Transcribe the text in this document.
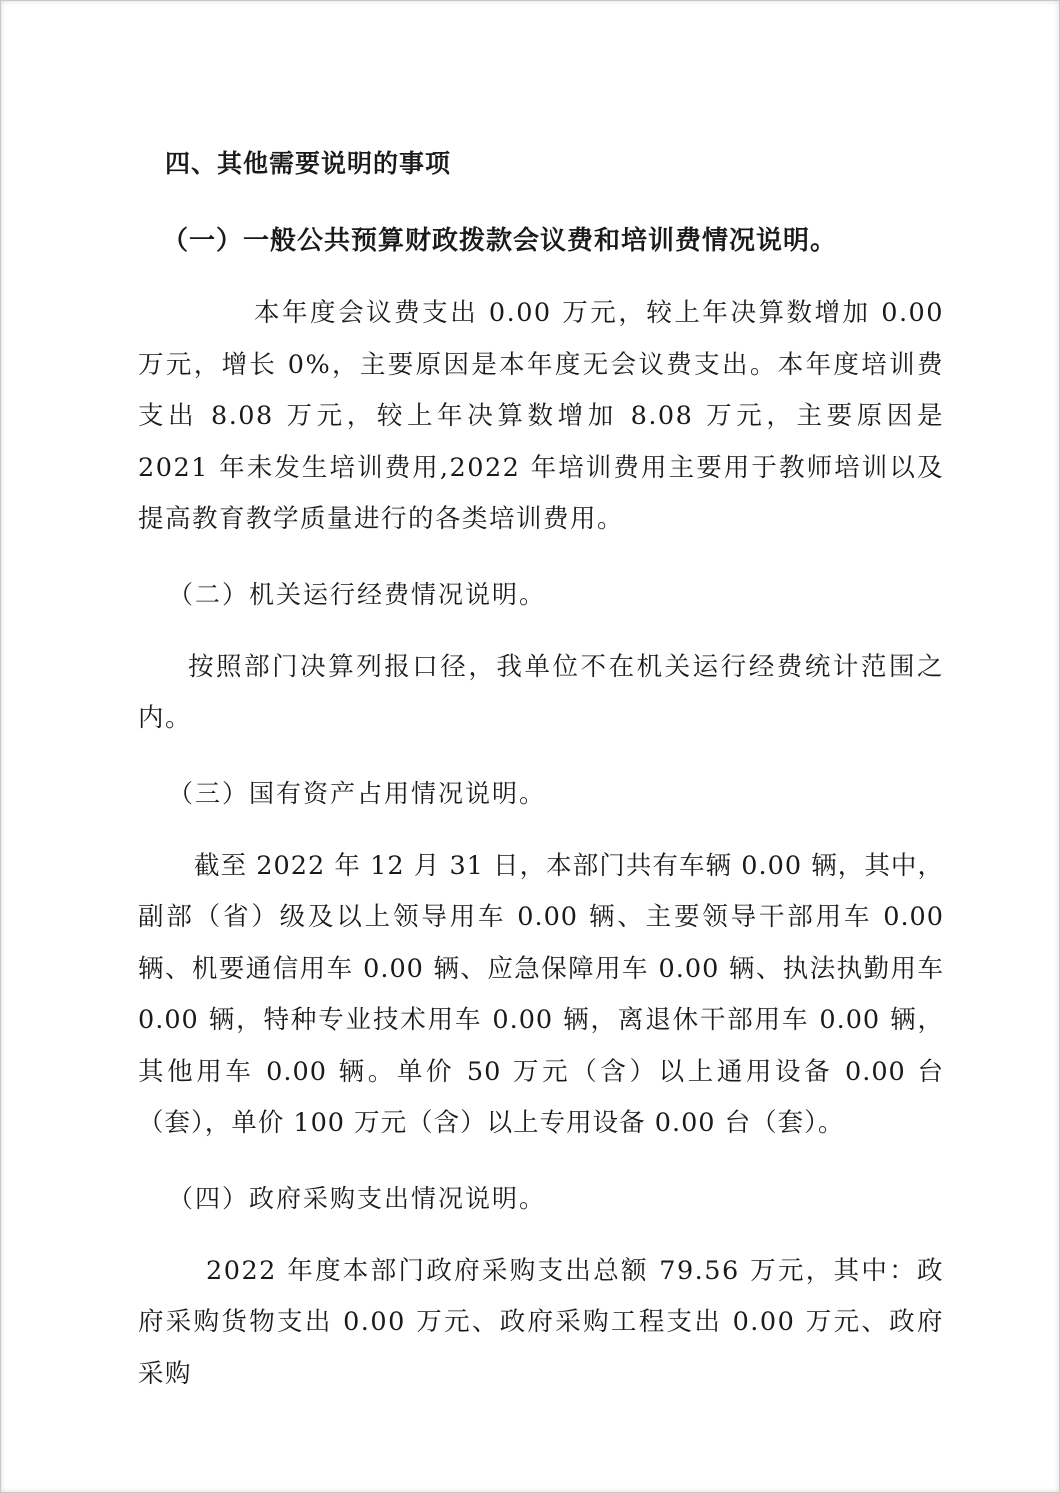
四、其他需要说明的事项
（一）一般公共预算财政拨款会议费和培训费情况说明。
本年度会议费支出 0.00 万元，较上年决算数增加 0.00 万元，增长 0%，主要原因是本年度无会议费支出。本年度培训费支出 8.08 万元，较上年决算数增加 8.08 万元，主要原因是 2021 年未发生培训费用,2022 年培训费用主要用于教师培训以及提高教育教学质量进行的各类培训费用。
（二）机关运行经费情况说明。
按照部门决算列报口径，我单位不在机关运行经费统计范围之内。
（三）国有资产占用情况说明。
截至 2022 年 12 月 31 日，本部门共有车辆 0.00 辆，其中，副部（省）级及以上领导用车 0.00 辆、主要领导干部用车 0.00 辆、机要通信用车 0.00 辆、应急保障用车 0.00 辆、执法执勤用车 0.00 辆，特种专业技术用车 0.00 辆，离退休干部用车 0.00 辆，其他用车 0.00 辆。单价 50 万元（含）以上通用设备 0.00 台（套），单价 100 万元（含）以上专用设备 0.00 台（套）。
（四）政府采购支出情况说明。
2022 年度本部门政府采购支出总额 79.56 万元，其中：政府采购货物支出 0.00 万元、政府采购工程支出 0.00 万元、政府采购
